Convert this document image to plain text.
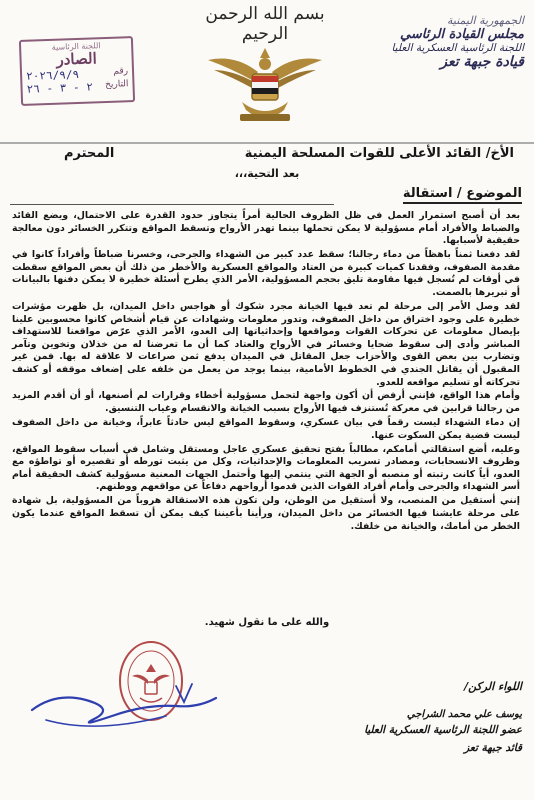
بسم الله الرحمن الرحيم
الجمهورية اليمنية
مجلس القيادة الرئاسي
اللجنة الرئاسية العسكرية العليا
قيادة جبهة تعز
اللجنة الرئاسية
الصادر
رقم
٢٠٢٦/٩/٩
التاريخ
٢ - ٣ - ٢٦
الأخ/ القائد الأعلى للقوات المسلحة اليمنية
المحترم
بعد التحية،،،
الموضوع / استقالة

بعد أن أصبح استمرار العمل في ظل الظروف الحالية أمراً يتجاوز حدود القدرة على الاحتمال، ويضع القائد والضباط والأفراد أمام مسؤولية لا يمكن تحملها بينما تهدر الأرواح وتسقط المواقع وتتكرر الخسائر دون معالجة حقيقية لأسبابها.

لقد دفعنا ثمناً باهظاً من دماء رجالنا؛ سقط عدد كبير من الشهداء والجرحى، وخسرنا ضباطاً وأفراداً كانوا في مقدمة الصفوف، وفقدنا كميات كبيرة من العتاد والمواقع العسكرية والأخطر من ذلك أن بعض المواقع سقطت في أوقات لم تُسجل فيها مقاومة تليق بحجم المسؤولية، الأمر الذي يطرح أسئلة خطيرة لا يمكن دفنها بالبيانات أو تبريرها بالصمت.

لقد وصل الأمر إلى مرحلة لم تعد فيها الخيانة مجرد شكوك أو هواجس داخل الميدان، بل ظهرت مؤشرات خطيرة على وجود اختراق من داخل الصفوف، وتدور معلومات وشهادات عن قيام أشخاص كانوا محسوبين علينا بإيصال معلومات عن تحركات القوات ومواقعها وإحداثياتها إلى العدو، الأمر الذي عرّض مواقعنا للاستهداف المباشر وأدى إلى سقوط ضحايا وخسائر في الأرواح والعتاد كما أن ما تعرضنا له من خذلان وتخوين وتآمر وتضارب بين بعض القوى والأحزاب جعل المقاتل في الميدان يدفع ثمن صراعات لا علاقة له بها. فمن غير المقبول أن يقاتل الجندي في الخطوط الأمامية، بينما يوجد من يعمل من خلفه على إضعاف موقفه أو كشف تحركاته أو تسليم مواقعه للعدو.

وأمام هذا الواقع، فإنني أرفض أن أكون واجهة لتحمل مسؤولية أخطاء وقرارات لم أصنعها، أو أن أقدم المزيد من رجالنا قرابين في معركة تُستنزف فيها الأرواح بسبب الخيانة والانقسام وغياب التنسيق.

إن دماء الشهداء ليست رقماً في بيان عسكري، وسقوط المواقع ليس حادثاً عابراً، وخيانة من داخل الصفوف ليست قضية يمكن السكوت عنها.

وعليه، أضع استقالتي أمامكم، مطالباً بفتح تحقيق عسكري عاجل ومستقل وشامل في أسباب سقوط المواقع، وظروف الانسحابات، ومصادر تسريب المعلومات والإحداثيات، وكل من يثبت تورطه أو تقصيره أو تواطؤه مع العدو، أياً كانت رتبته أو منصبه أو الجهة التي ينتمي إليها وأحتمل الجهات المعنية مسؤولية كشف الحقيقة أمام أسر الشهداء والجرحى وأمام أفراد القوات الذين قدموا أرواحهم دفاعاً عن مواقعهم ووطنهم.

إنني أستقيل من المنصب، ولا أستقيل من الوطن، ولن تكون هذه الاستقالة هروباً من المسؤولية، بل شهادة على مرحلة عايشنا فيها الخسائر من داخل الميدان، ورأينا بأعيننا كيف يمكن أن تسقط المواقع عندما يكون الخطر من أمامك، والخيانة من خلفك.

والله على ما نقول شهيد.
اللواء الركن/
يوسف علي محمد الشراجي
عضو اللجنة الرئاسية العسكرية العليا
قائد جبهة تعز
